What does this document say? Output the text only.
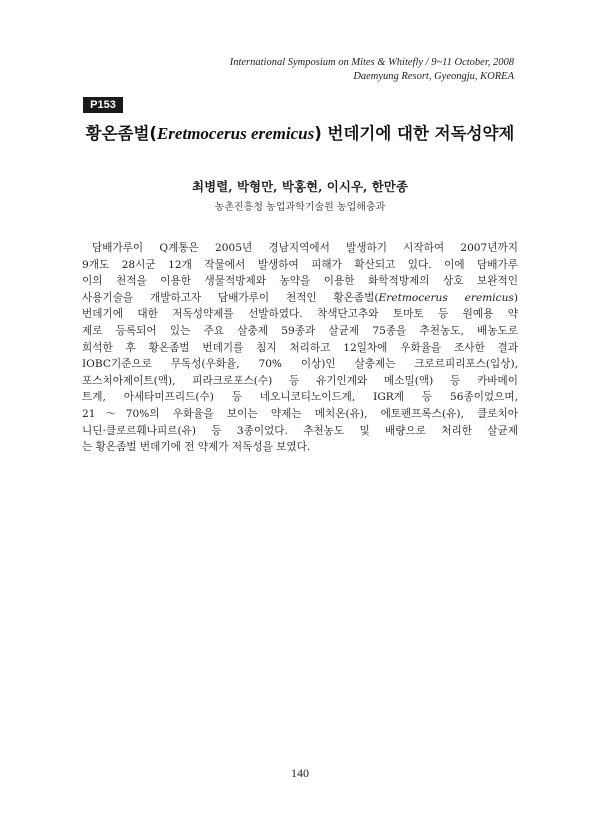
International Symposium on Mites & Whitefly / 9~11 October, 2008
Daemyung Resort, Gyeongju, KOREA
P153
황온좀벌(Eretmocerus eremicus) 번데기에 대한 저독성약제
최병렬, 박형만, 박홍현, 이시우, 한만종
농촌진흥청 농업과학기술원 농업해충과
담배가루이 Q계통은 2005년 경남지역에서 발생하기 시작하여 2007년까지
9개도 28시군 12개 작물에서 발생하여 피해가 확산되고 있다. 이에 담배가루
이의 천적을 이용한 생물적방제와 농약을 이용한 화학적방제의 상호 보완적인
사용기술을 개발하고자 담배가루이 천적인 황온좀벌(Eretmocerus eremicus)
번데기에 대한 저독성약제를 선발하였다. 착색단고추와 토마토 등 원예용 약
제로 등록되어 있는 주요 살충제 59종과 살균제 75종을 추천농도, 배농도로
희석한 후 황온좀벌 번데기를 침지 처리하고 12일차에 우화율을 조사한 결과
IOBC기준으로 무독성(우화율, 70% 이상)인 살충제는 크로르피리포스(입상),
포스치아제이트(액), 피라크로포스(수) 등 유기인계와 메소밀(액) 등 카바메이
트계, 아세타미프리드(수) 등 네오니코티노이드계, IGR계 등 56종이었으며,
21～70%의 우화율을 보이는 약제는 메치온(유), 에토펜프록스(유), 클로치아
니딘·클로르훼나피르(유) 등 3종이었다. 추천농도 및 배량으로 처리한 살균제
는 황온좀벌 번데기에 전 약제가 저독성을 보였다.
140
